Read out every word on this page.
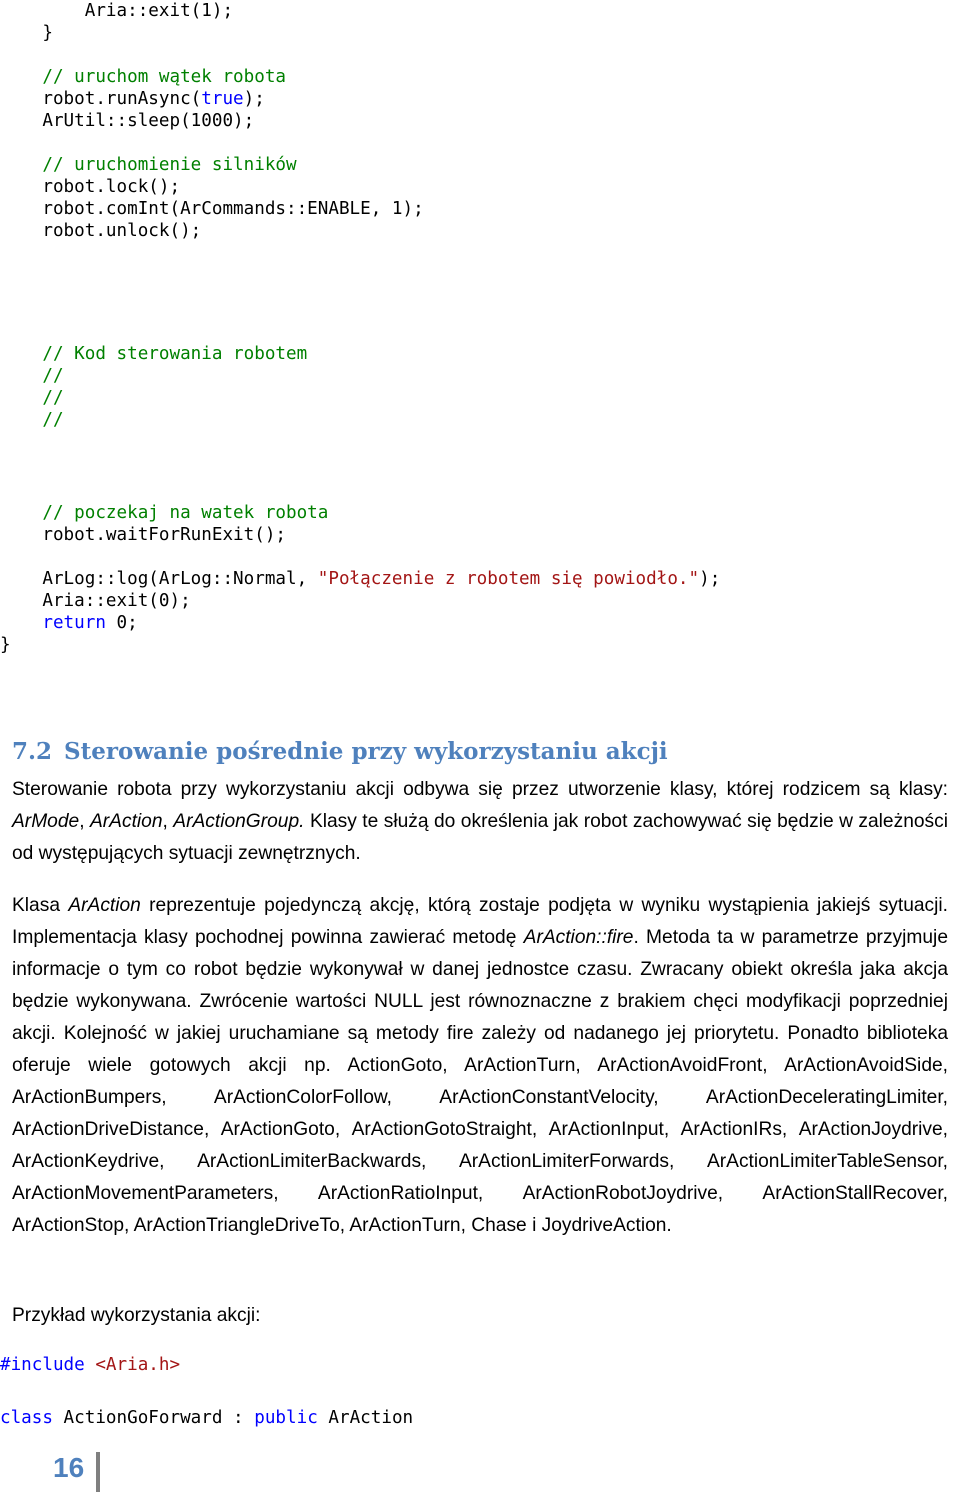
Aria::exit(1);
}

// uruchom wątek robota
robot.runAsync(true);
ArUtil::sleep(1000);

// uruchomienie silników
robot.lock();
robot.comInt(ArCommands::ENABLE, 1);
robot.unlock();
// Kod sterowania robotem
//
//
//
// poczekaj na watek robota
robot.waitForRunExit();

ArLog::log(ArLog::Normal, "Połączenie z robotem się powiodło.");
Aria::exit(0);
return 0;
}
7.2 Sterowanie pośrednie przy wykorzystaniu akcji

Sterowanie robota przy wykorzystaniu akcji odbywa się przez utworzenie klasy, której rodzicem są klasy: ArMode, ArAction, ArActionGroup. Klasy te służą do określenia jak robot zachowywać się będzie w zależności od występujących sytuacji zewnętrznych.

Klasa ArAction reprezentuje pojedynczą akcję, którą zostaje podjęta w wyniku wystąpienia jakiejś sytuacji. Implementacja klasy pochodnej powinna zawierać metodę ArAction::fire. Metoda ta w parametrze przyjmuje informacje o tym co robot będzie wykonywał w danej jednostce czasu. Zwracany obiekt określa jaka akcja będzie wykonywana. Zwrócenie wartości NULL jest równoznaczne z brakiem chęci modyfikacji poprzedniej akcji. Kolejność w jakiej uruchamiane są metody fire zależy od nadanego jej priorytetu. Ponadto biblioteka oferuje wiele gotowych akcji np. ActionGoto, ArActionTurn, ArActionAvoidFront, ArActionAvoidSide, ArActionBumpers, ArActionColorFollow, ArActionConstantVelocity, ArActionDeceleratingLimiter, ArActionDriveDistance, ArActionGoto, ArActionGotoStraight, ArActionInput, ArActionIRs, ArActionJoydrive, ArActionKeydrive, ArActionLimiterBackwards, ArActionLimiterForwards, ArActionLimiterTableSensor, ArActionMovementParameters, ArActionRatioInput, ArActionRobotJoydrive, ArActionStallRecover, ArActionStop, ArActionTriangleDriveTo, ArActionTurn, Chase i JoydriveAction.

Przykład wykorzystania akcji:

#include <Aria.h>
class ActionGoForward : public ArAction
16
